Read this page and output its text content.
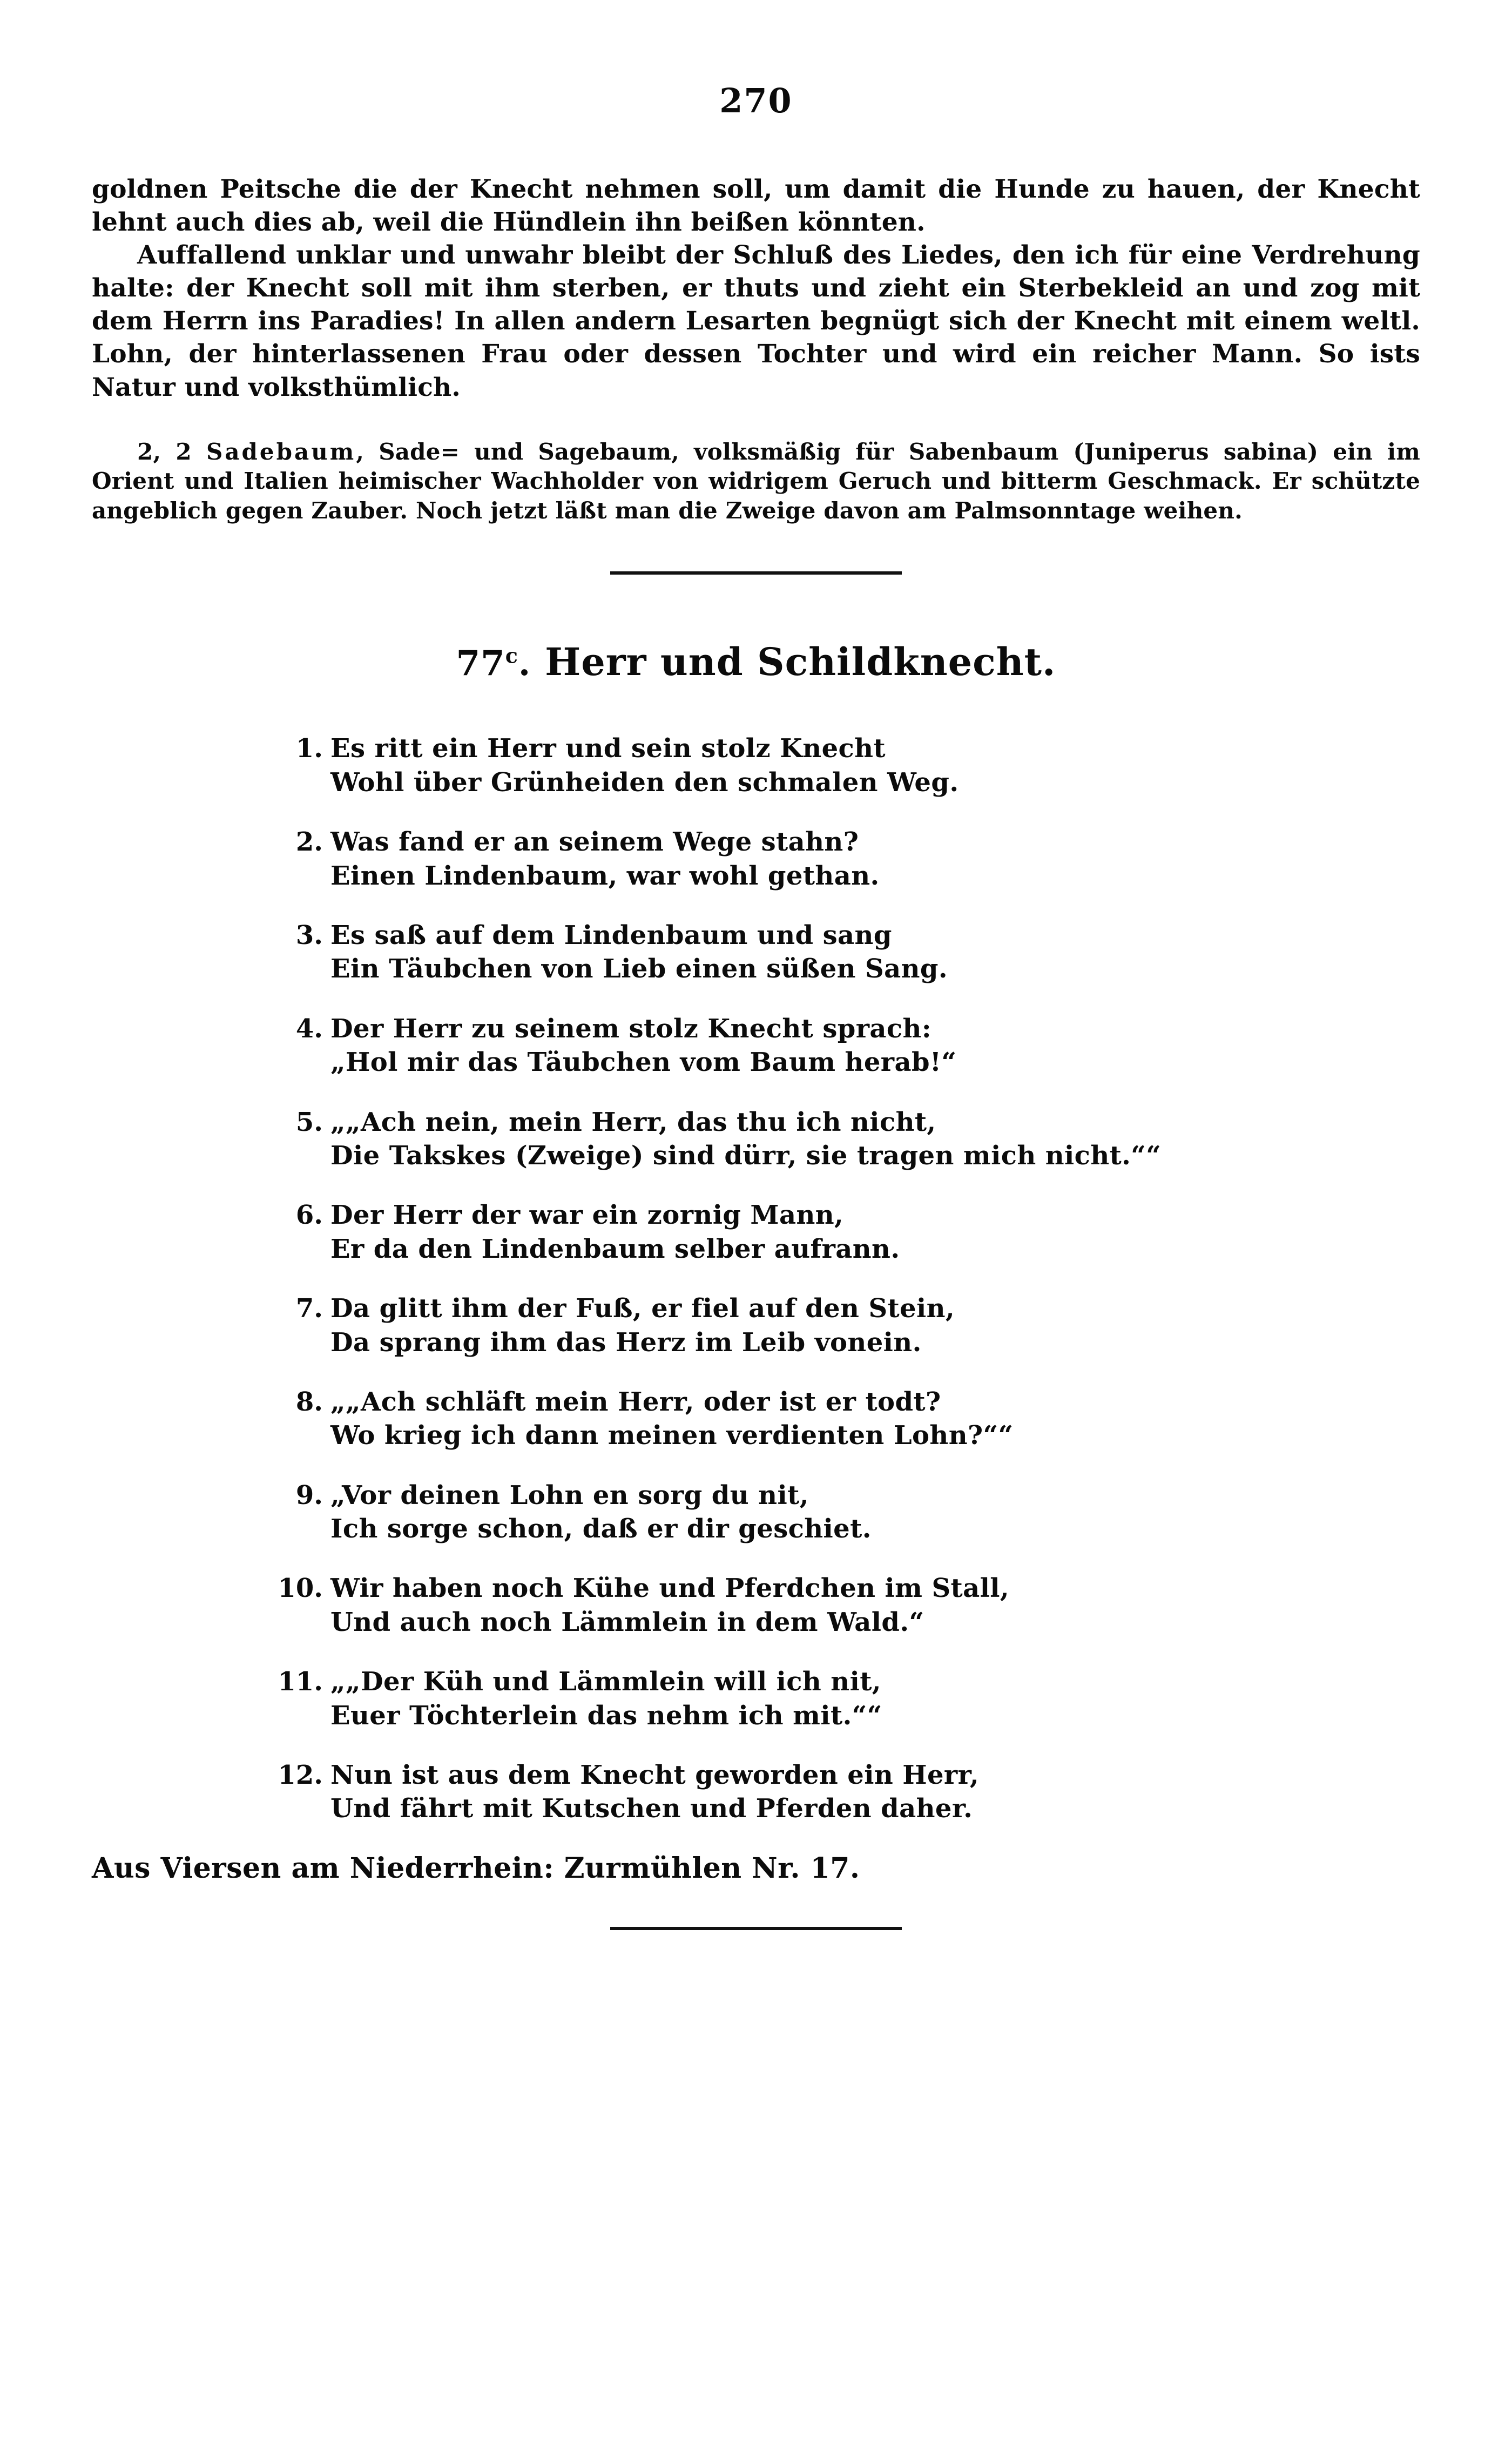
270

goldnen Peitsche die der Knecht nehmen soll, um damit die Hunde zu hauen, der Knecht lehnt auch dies ab, weil die Hündlein ihn beißen könnten.

Auffallend unklar und unwahr bleibt der Schluß des Liedes, den ich für eine Verdrehung halte: der Knecht soll mit ihm sterben, er thuts und zieht ein Sterbekleid an und zog mit dem Herrn ins Paradies! In allen andern Lesarten begnügt sich der Knecht mit einem weltl. Lohn, der hinterlassenen Frau oder dessen Tochter und wird ein reicher Mann. So ists Natur und volksthümlich.

2, 2 Sadebaum, Sade= und Sagebaum, volksmäßig für Sabenbaum (Juniperus sabina) ein im Orient und Italien heimischer Wachholder von widrigem Geruch und bitterm Geschmack. Er schützte angeblich gegen Zauber. Noch jetzt läßt man die Zweige davon am Palmsonntage weihen.

77$^c$. Herr und Schildknecht.
1. Es ritt ein Herr und sein stolz Knecht
Wohl über Grünheiden den schmalen Weg.
2. Was fand er an seinem Wege stahn?
Einen Lindenbaum, war wohl gethan.
3. Es saß auf dem Lindenbaum und sang
Ein Täubchen von Lieb einen süßen Sang.
4. Der Herr zu seinem stolz Knecht sprach:
„Hol mir das Täubchen vom Baum herab!“
5. „„Ach nein, mein Herr, das thu ich nicht,
Die Takskes (Zweige) sind dürr, sie tragen mich nicht.““
6. Der Herr der war ein zornig Mann,
Er da den Lindenbaum selber aufrann.
7. Da glitt ihm der Fuß, er fiel auf den Stein,
Da sprang ihm das Herz im Leib vonein.
8. „„Ach schläft mein Herr, oder ist er todt?
Wo krieg ich dann meinen verdienten Lohn?““
9. „Vor deinen Lohn en sorg du nit,
Ich sorge schon, daß er dir geschiet.
10. Wir haben noch Kühe und Pferdchen im Stall,
Und auch noch Lämmlein in dem Wald.“
11. „„Der Küh und Lämmlein will ich nit,
Euer Töchterlein das nehm ich mit.““
12. Nun ist aus dem Knecht geworden ein Herr,
Und fährt mit Kutschen und Pferden daher.
Aus Viersen am Niederrhein: Zurmühlen Nr. 17.
